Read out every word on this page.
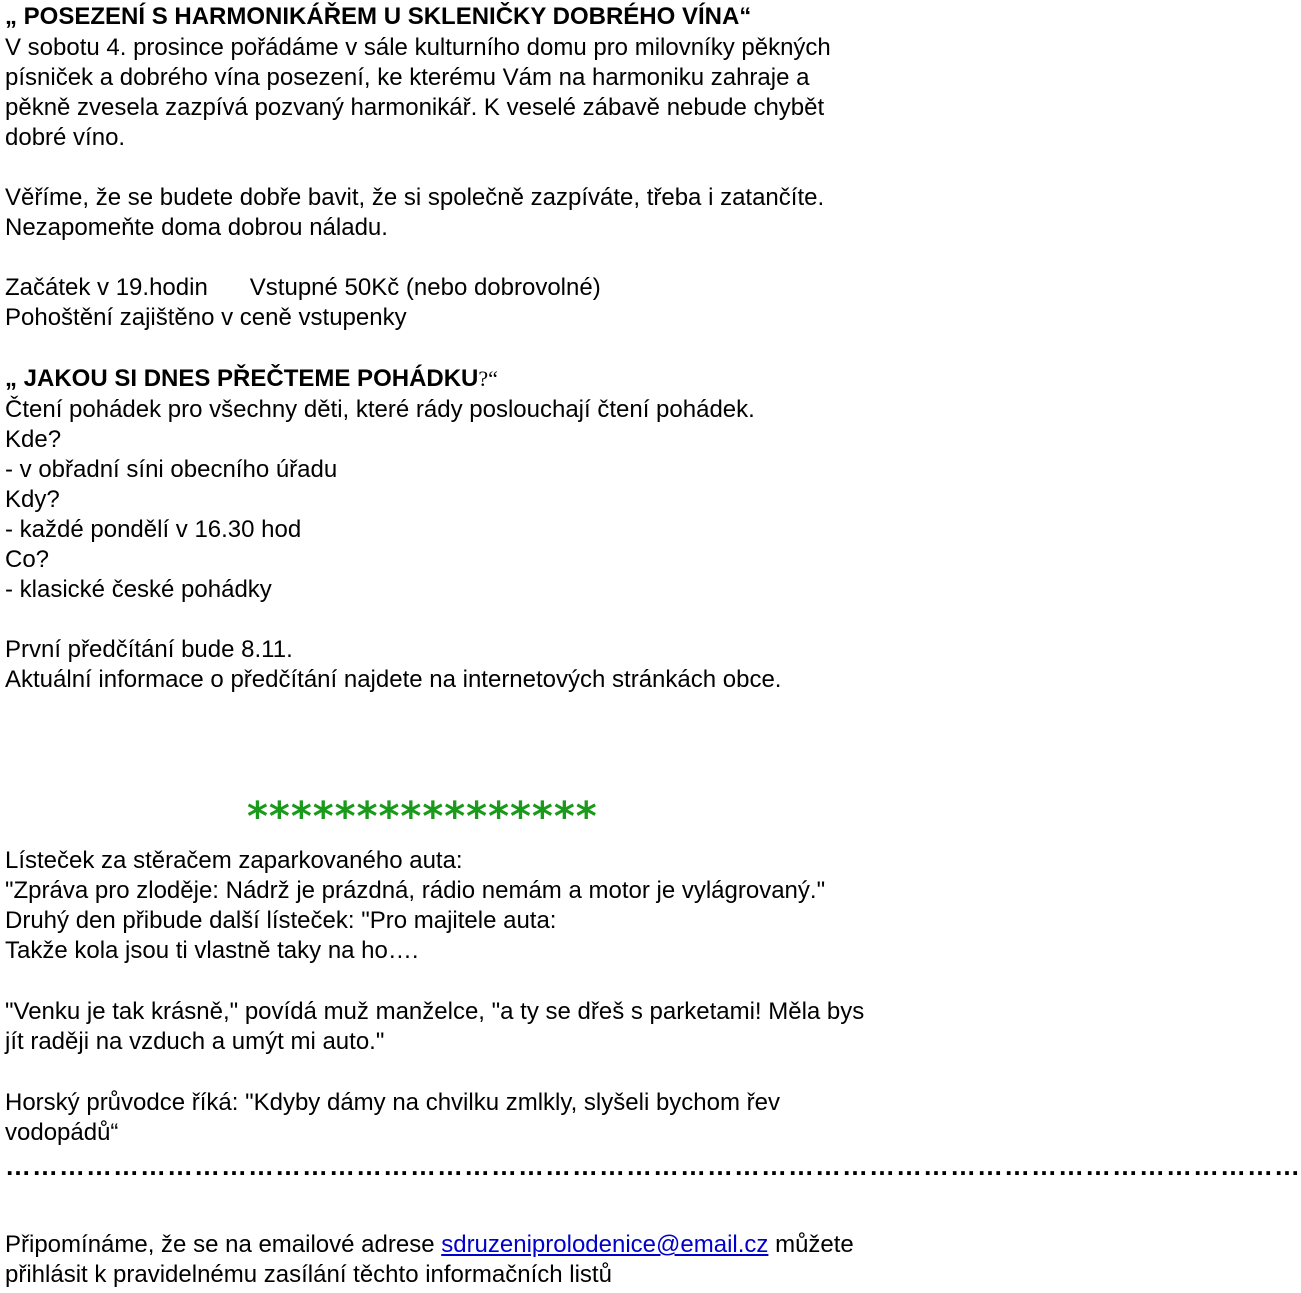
„ POSEZENÍ S HARMONIKÁŘEM U SKLENIČKY DOBRÉHO VÍNA“
V sobotu 4. prosince pořádáme v sále kulturního domu pro milovníky pěkných
písniček a dobrého vína posezení, ke kterému Vám na harmoniku zahraje a
pěkně zvesela zazpívá pozvaný harmonikář. K veselé zábavě nebude chybět
dobré víno.
Věříme, že se budete dobře bavit, že si společně zazpíváte, třeba i zatančíte.
Nezapomeňte doma dobrou náladu.
Začátek v 19.hodin Vstupné 50Kč (nebo dobrovolné)
Pohoštění zajištěno v ceně vstupenky
„ JAKOU SI DNES PŘEČTEME POHÁDKU?“
Čtení pohádek pro všechny děti, které rády poslouchají čtení pohádek.
Kde?
- v obřadní síni obecního úřadu
Kdy?
- každé pondělí v 16.30 hod
Co?
- klasické české pohádky
První předčítání bude 8.11.
Aktuální informace o předčítání najdete na internetových stránkách obce.
****************
Lísteček za stěračem zaparkovaného auta:
"Zpráva pro zloděje: Nádrž je prázdná, rádio nemám a motor je vylágrovaný."
Druhý den přibude další lísteček: "Pro majitele auta:
Takže kola jsou ti vlastně taky na ho….
"Venku je tak krásně," povídá muž manželce, "a ty se dřeš s parketami! Měla bys
jít raději na vzduch a umýt mi auto."
Horský průvodce říká: "Kdyby dámy na chvilku zmlkly, slyšeli bychom řev
vodopádů“
………………………………………………………………………………………………………………………………
Připomínáme, že se na emailové adrese sdruzeniprolodenice@email.cz můžete
přihlásit k pravidelnému zasílání těchto informačních listů
